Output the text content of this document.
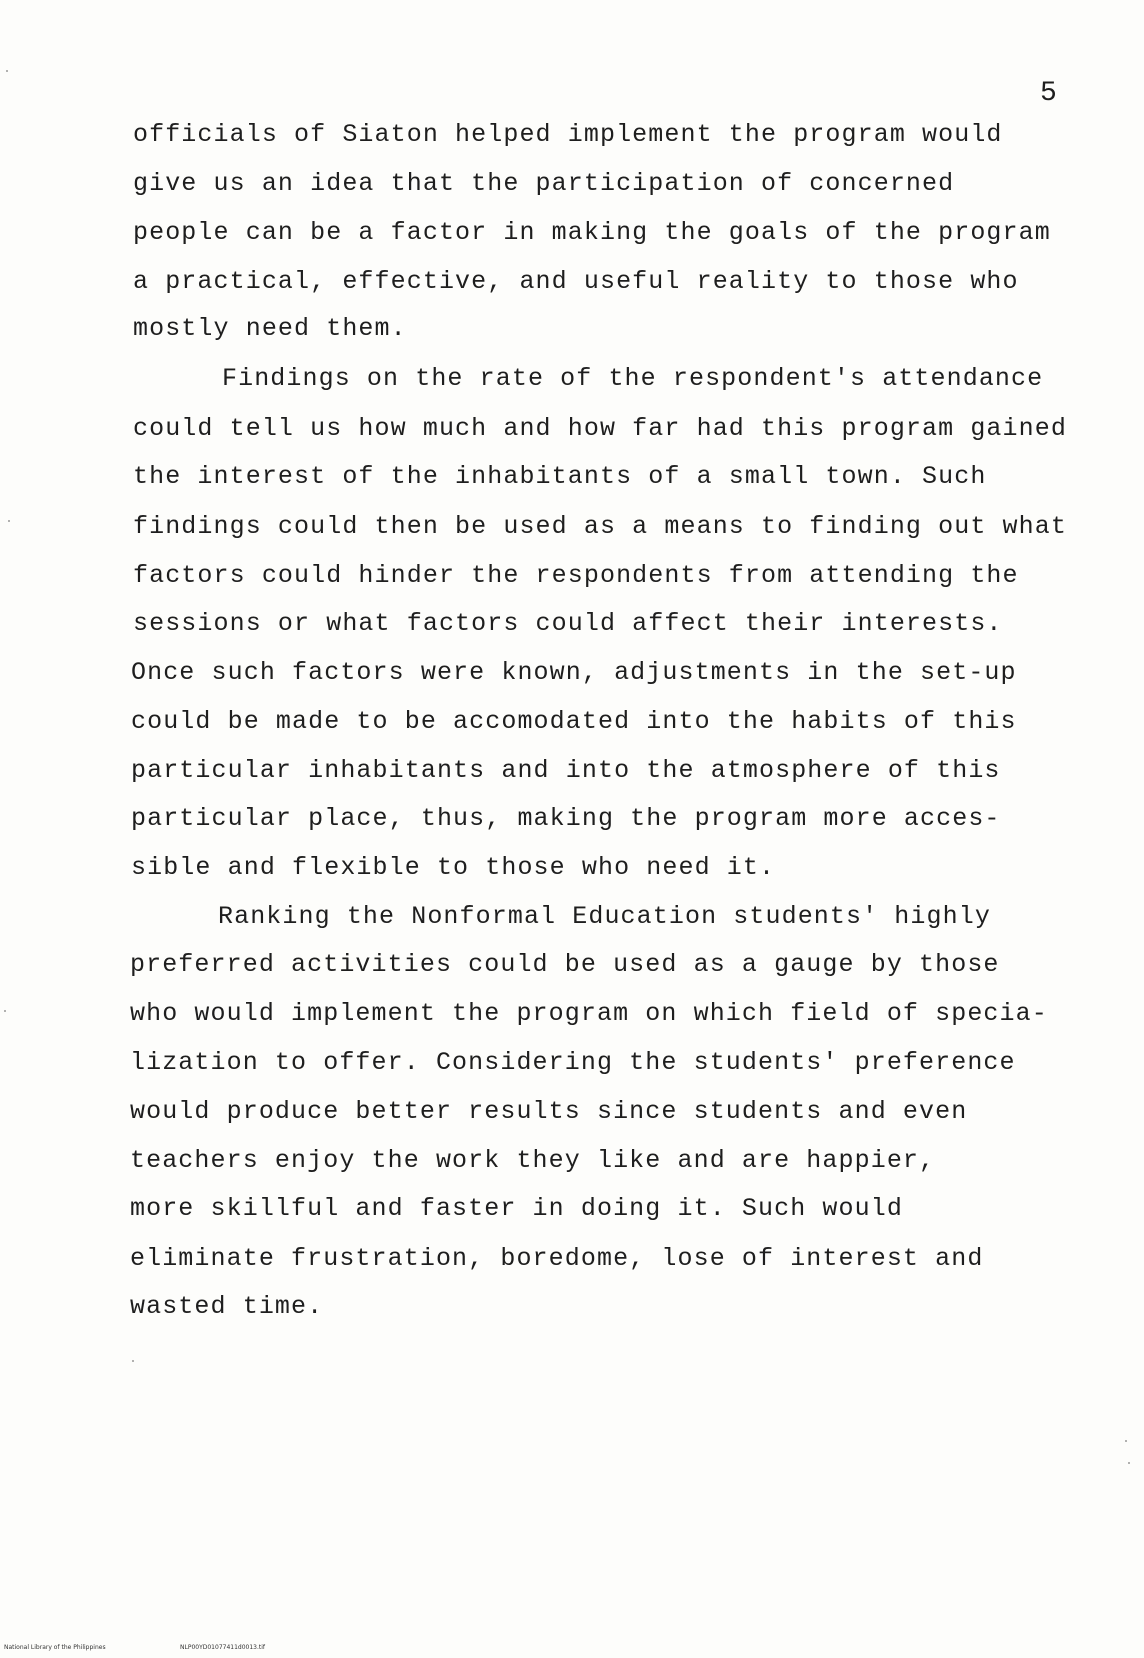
5
officials of Siaton helped implement the program would
give us an idea that the participation of concerned
people can be a factor in making the goals of the program
a practical, effective, and useful reality to those who
mostly need them.
Findings on the rate of the respondent's attendance
could tell us how much and how far had this program gained
the interest of the inhabitants of a small town. Such
findings could then be used as a means to finding out what
factors could hinder the respondents from attending the
sessions or what factors could affect their interests.
Once such factors were known, adjustments in the set-up
could be made to be accomodated into the habits of this
particular inhabitants and into the atmosphere of this
particular place, thus, making the program more acces-
sible and flexible to those who need it.
Ranking the Nonformal Education students' highly
preferred activities could be used as a gauge by those
who would implement the program on which field of specia-
lization to offer. Considering the students' preference
would produce better results since students and even
teachers enjoy the work they like and are happier,
more skillful and faster in doing it. Such would
eliminate frustration, boredome, lose of interest and
wasted time.
National Library of the Philippines	NLP00YD01077411d0013.tif
